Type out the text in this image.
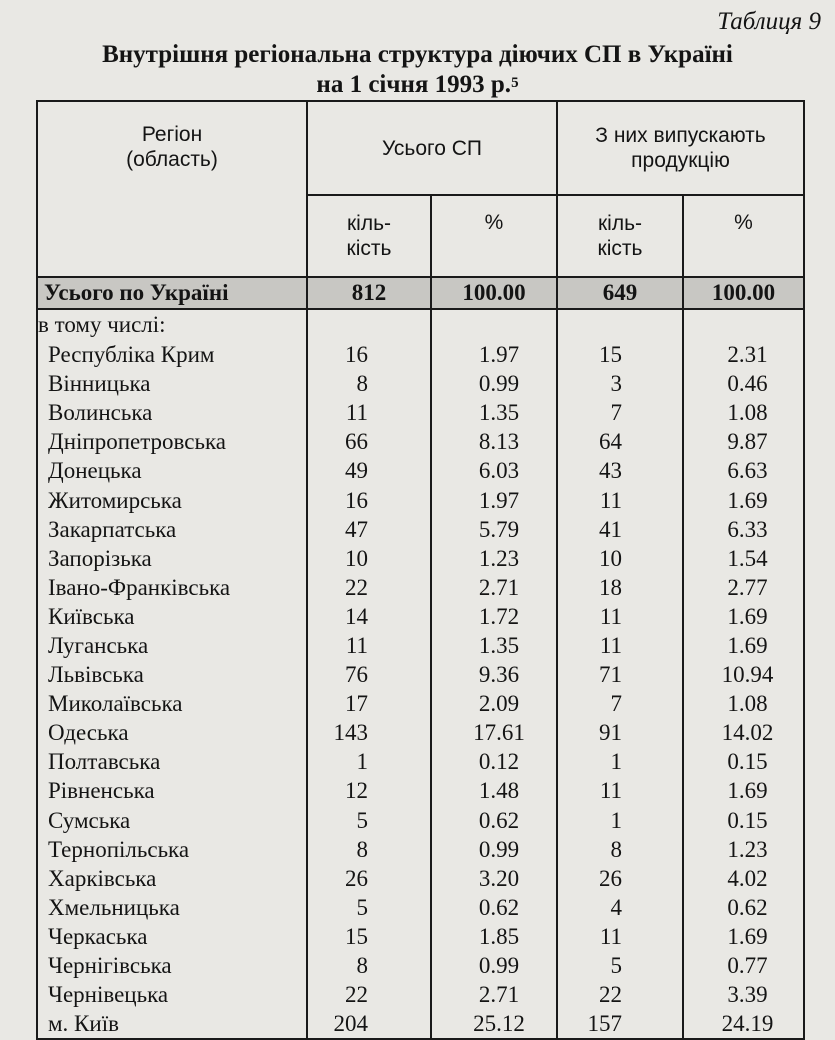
Таблиця 9
Внутрішня регіональна структура діючих СП в Україні
на 1 січня 1993 р.$^5$
Регіон (область)	Усього СП		З них випускають продукцію	
	кіль-кість	%	кіль-кість	%
Усього по Україні	812	100.00	649	100.00
в тому числі:				
Республіка Крим	16	1.97	15	2.31
Вінницька	8	0.99	3	0.46
Волинська	11	1.35	7	1.08
Дніпропетровська	66	8.13	64	9.87
Донецька	49	6.03	43	6.63
Житомирська	16	1.97	11	1.69
Закарпатська	47	5.79	41	6.33
Запорізька	10	1.23	10	1.54
Івано-Франківська	22	2.71	18	2.77
Київська	14	1.72	11	1.69
Луганська	11	1.35	11	1.69
Львівська	76	9.36	71	10.94
Миколаївська	17	2.09	7	1.08
Одеська	143	17.61	91	14.02
Полтавська	1	0.12	1	0.15
Рівненська	12	1.48	11	1.69
Сумська	5	0.62	1	0.15
Тернопільська	8	0.99	8	1.23
Харківська	26	3.20	26	4.02
Хмельницька	5	0.62	4	0.62
Черкаська	15	1.85	11	1.69
Чернігівська	8	0.99	5	0.77
Чернівецька	22	2.71	22	3.39
м. Київ	204	25.12	157	24.19
